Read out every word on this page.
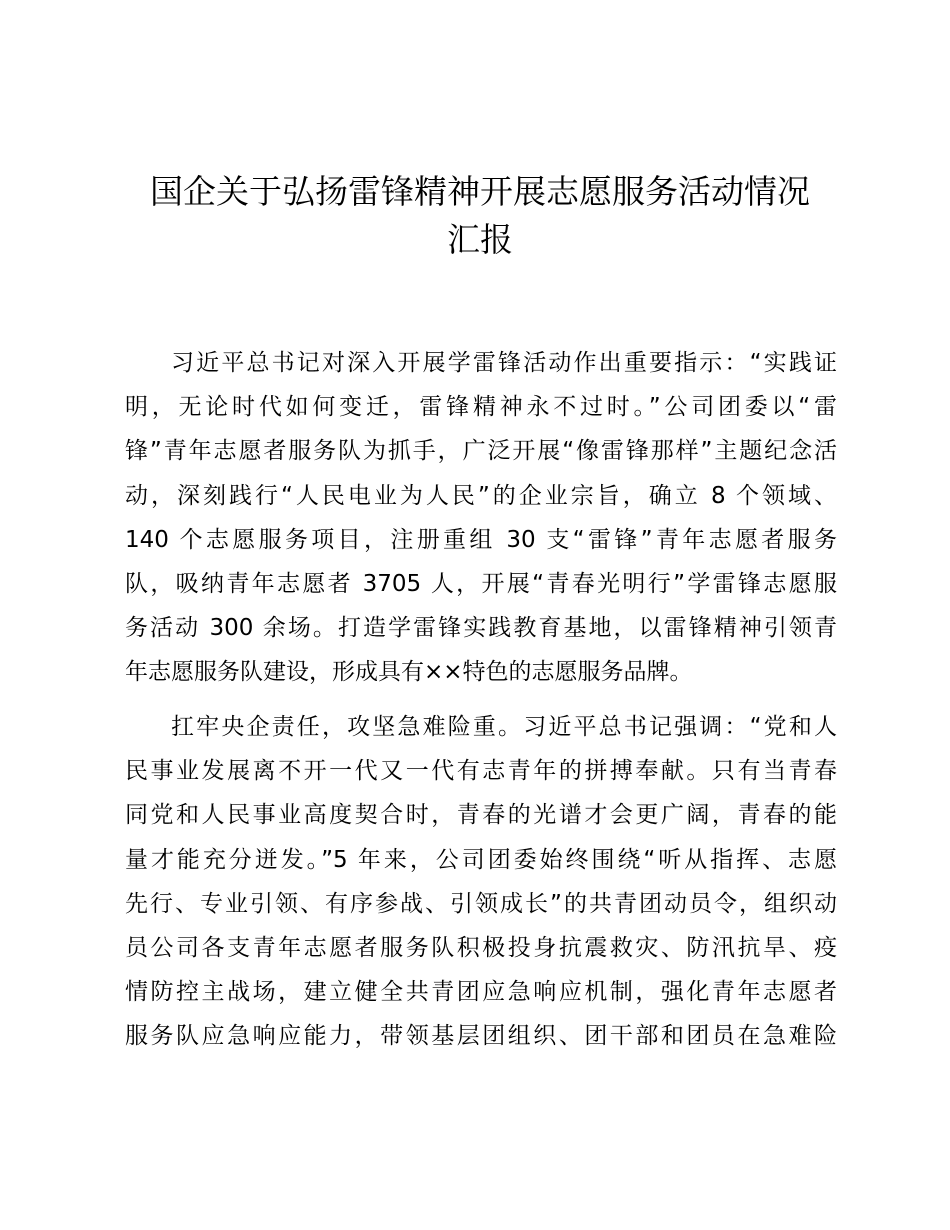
国企关于弘扬雷锋精神开展志愿服务活动情况
汇报
习近平总书记对深入开展学雷锋活动作出重要指示：“实践证
明，无论时代如何变迁，雷锋精神永不过时。”公司团委以“雷
锋”青年志愿者服务队为抓手，广泛开展“像雷锋那样”主题纪念活
动，深刻践行“人民电业为人民”的企业宗旨，确立 8 个领域、
140 个志愿服务项目，注册重组 30 支“雷锋”青年志愿者服务
队，吸纳青年志愿者 3705 人，开展“青春光明行”学雷锋志愿服
务活动 300 余场。打造学雷锋实践教育基地，以雷锋精神引领青
年志愿服务队建设，形成具有××特色的志愿服务品牌。
扛牢央企责任，攻坚急难险重。习近平总书记强调：“党和人
民事业发展离不开一代又一代有志青年的拼搏奉献。只有当青春
同党和人民事业高度契合时，青春的光谱才会更广阔，青春的能
量才能充分迸发。”5 年来，公司团委始终围绕“听从指挥、志愿
先行、专业引领、有序参战、引领成长”的共青团动员令，组织动
员公司各支青年志愿者服务队积极投身抗震救灾、防汛抗旱、疫
情防控主战场，建立健全共青团应急响应机制，强化青年志愿者
服务队应急响应能力，带领基层团组织、团干部和团员在急难险
